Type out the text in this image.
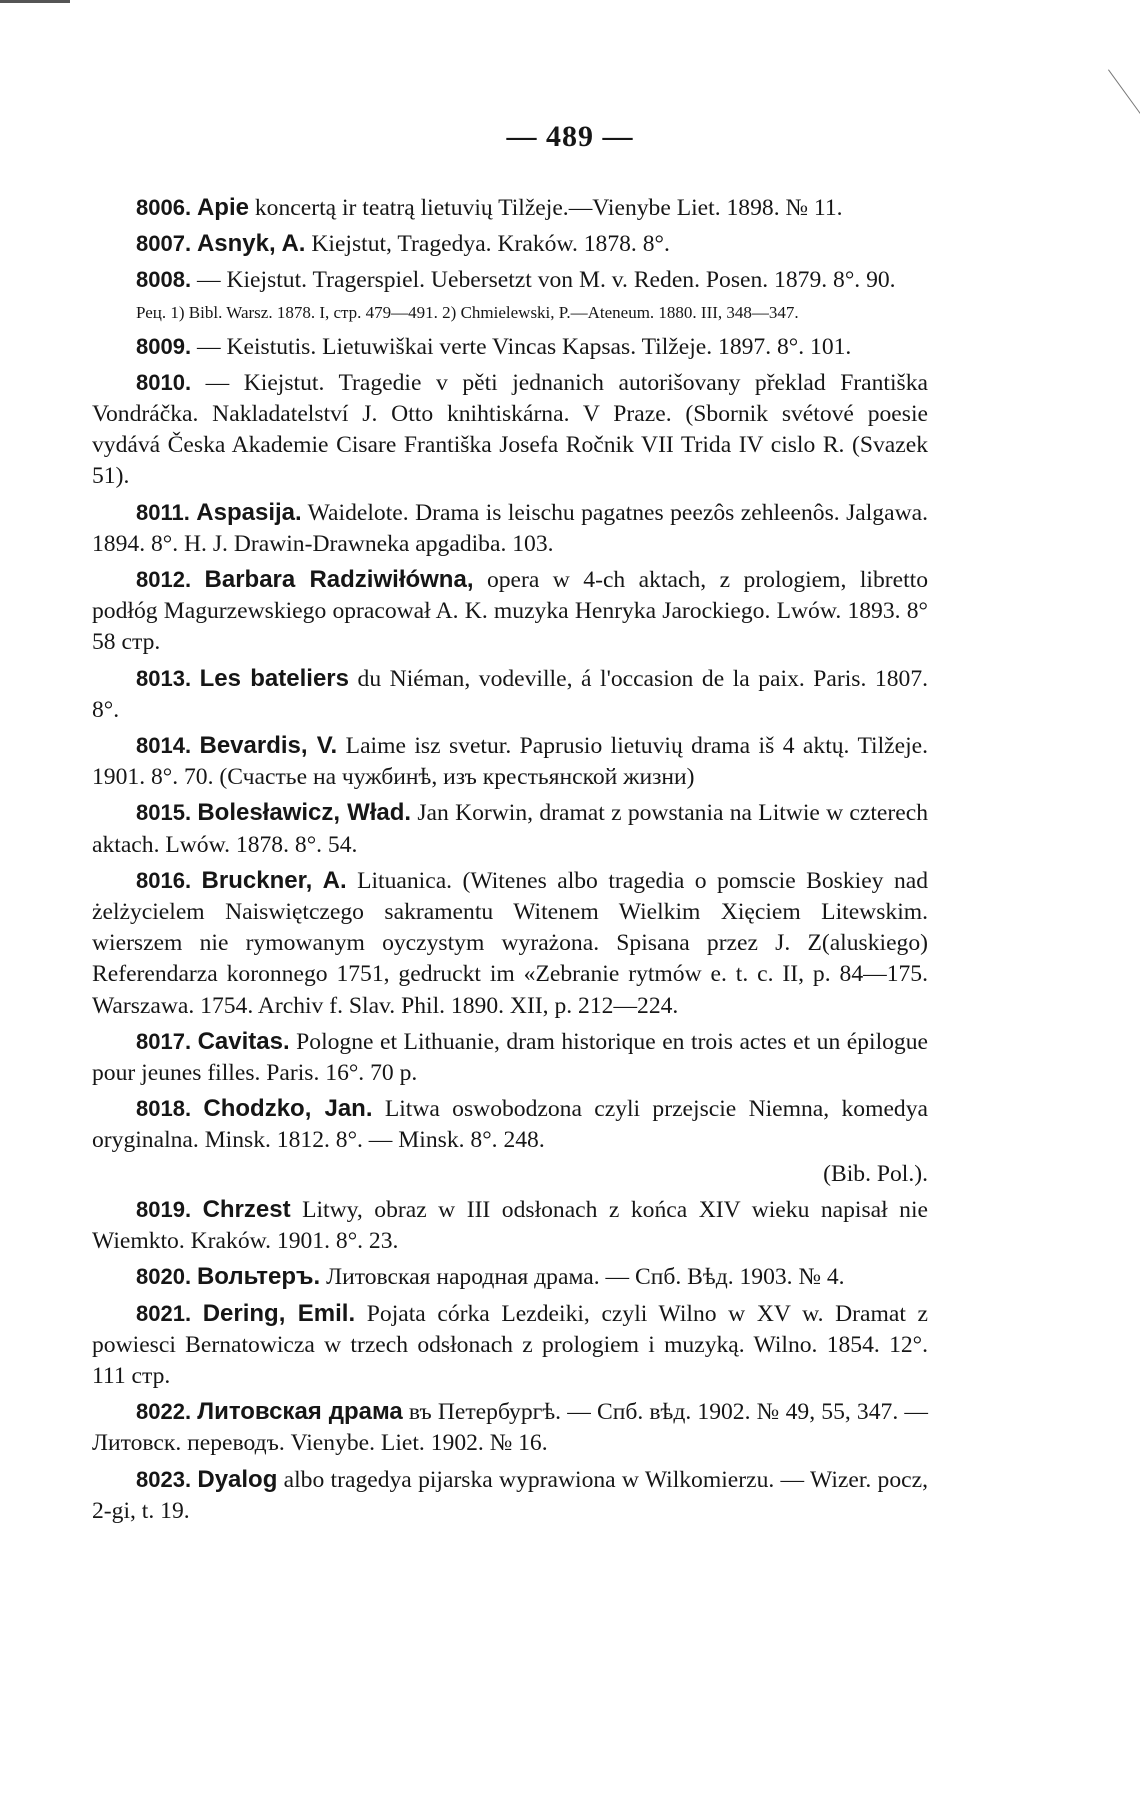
— 489 —

8006. Apie koncertą ir teatrą lietuvių Tilžeje.—Vienybe Liet. 1898. № 11.

8007. Asnyk, A. Kiejstut, Tragedya. Kraków. 1878. 8°.

8008. — Kiejstut. Tragerspiel. Uebersetzt von M. v. Reden. Posen. 1879. 8°. 90.

Рец. 1) Bibl. Warsz. 1878. I, стр. 479—491. 2) Chmielewski, P.—Ateneum. 1880. III, 348—347.

8009. — Keistutis. Lietuwiškai verte Vincas Kapsas. Tilžeje. 1897. 8°. 101.

8010. — Kiejstut. Tragedie v pěti jednanich autorišovany překlad Františka Vondráčka. Nakladatelství J. Otto knihtiskárna. V Praze. (Sbornik svétové poesie vydává Česka Akademie Cisare Františka Josefa Ročnik VII Trida IV cislo R. (Svazek 51).

8011. Aspasija. Waidelote. Drama is leischu pagatnes peezôs zehleenôs. Jalgawa. 1894. 8°. H. J. Drawin-Drawneka apgadiba. 103.

8012. Barbara Radziwiłówna, opera w 4-ch aktach, z prologiem, libretto podłóg Magurzewskiego opracował A. K. muzyka Henryka Jarockiego. Lwów. 1893. 8° 58 стр.

8013. Les bateliers du Niéman, vodeville, á l'occasion de la paix. Paris. 1807. 8°.

8014. Bevardis, V. Laime isz svetur. Paprusio lietuvių drama iš 4 aktų. Tilžeje. 1901. 8°. 70. (Счастье на чужбинѣ, изъ крестьянской жизни)

8015. Bolesławicz, Wład. Jan Korwin, dramat z powstania na Litwie w czterech aktach. Lwów. 1878. 8°. 54.

8016. Bruckner, A. Lituanica. (Witenes albo tragedia o pomscie Boskiey nad żelżycielem Naiswiętczego sakramentu Witenem Wielkim Xięciem Litewskim. wierszem nie rymowanym oyczystym wyrażona. Spisana przez J. Z(aluskiego) Referendarza koronnego 1751, gedruckt im «Zebranie rytmów e. t. c. II, p. 84—175. Warszawa. 1754. Archiv f. Slav. Phil. 1890. XII, p. 212—224.

8017. Cavitas. Pologne et Lithuanie, dram historique en trois actes et un épilogue pour jeunes filles. Paris. 16°. 70 p.

8018. Chodzko, Jan. Litwa oswobodzona czyli przejscie Niemna, komedya oryginalna. Minsk. 1812. 8°. — Minsk. 8°. 248.

(Bib. Pol.).

8019. Chrzest Litwy, obraz w III odsłonach z końca XIV wieku napisał nie Wiemkto. Kraków. 1901. 8°. 23.

8020. Вольтеръ. Литовская народная драма. — Спб. Вѣд. 1903. № 4.

8021. Dering, Emil. Pojata córka Lezdeiki, czyli Wilno w XV w. Dramat z powiesci Bernatowicza w trzech odsłonach z prologiem i muzyką. Wilno. 1854. 12°. 111 стр.

8022. Литовская драма въ Петербургѣ. — Спб. вѣд. 1902. № 49, 55, 347. — Литовск. переводъ. Vienybe. Liet. 1902. № 16.

8023. Dyalog albo tragedya pijarska wyprawiona w Wilkomierzu. — Wizer. pocz, 2-gi, t. 19.
